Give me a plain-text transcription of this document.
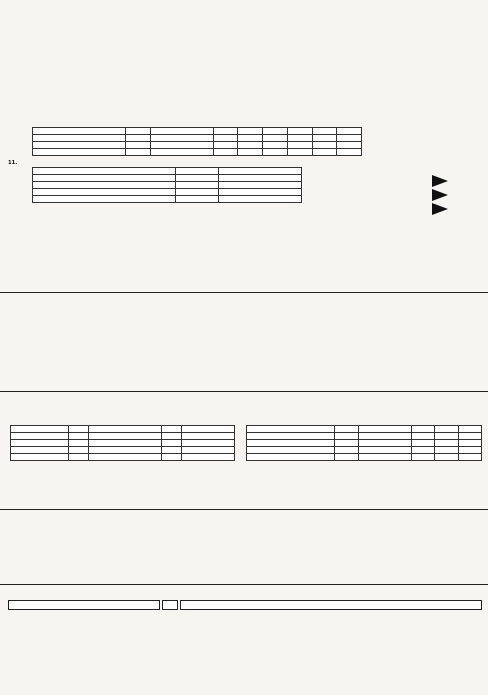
11.
